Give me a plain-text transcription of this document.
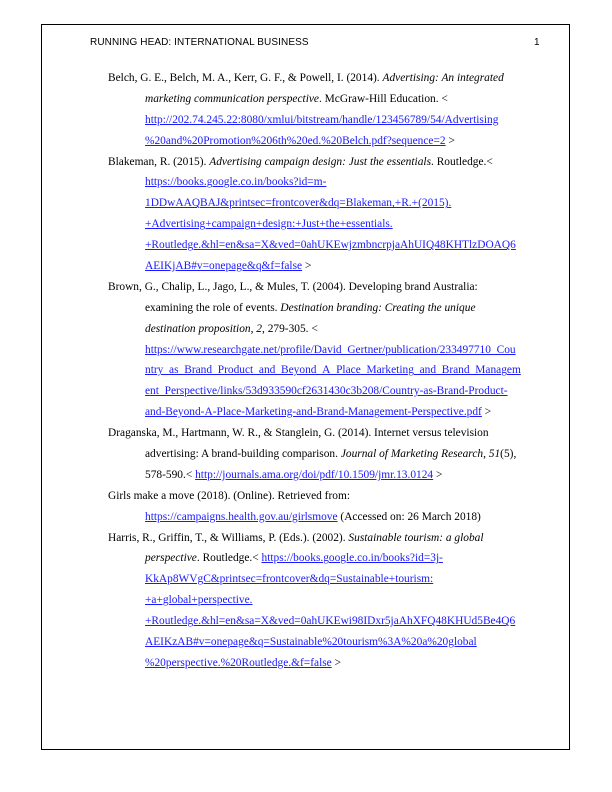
RUNNING HEAD: INTERNATIONAL BUSINESS	1
Belch, G. E., Belch, M. A., Kerr, G. F., & Powell, I. (2014). Advertising: An integrated
marketing communication perspective. McGraw-Hill Education. <
http://202.74.245.22:8080/xmlui/bitstream/handle/123456789/54/Advertising
%20and%20Promotion%206th%20ed.%20Belch.pdf?sequence=2 >
Blakeman, R. (2015). Advertising campaign design: Just the essentials. Routledge.<
https://books.google.co.in/books?id=m-
1DDwAAQBAJ&printsec=frontcover&dq=Blakeman,+R.+(2015).
+Advertising+campaign+design:+Just+the+essentials.
+Routledge.&hl=en&sa=X&ved=0ahUKEwjzmbncrpjaAhUIQ48KHTlzDOAQ6
AEIKjAB#v=onepage&q&f=false >
Brown, G., Chalip, L., Jago, L., & Mules, T. (2004). Developing brand Australia:
examining the role of events. Destination branding: Creating the unique
destination proposition, 2, 279-305. <
https://www.researchgate.net/profile/David_Gertner/publication/233497710_Cou
ntry_as_Brand_Product_and_Beyond_A_Place_Marketing_and_Brand_Managem
ent_Perspective/links/53d933590cf2631430c3b208/Country-as-Brand-Product-
and-Beyond-A-Place-Marketing-and-Brand-Management-Perspective.pdf >
Draganska, M., Hartmann, W. R., & Stanglein, G. (2014). Internet versus television
advertising: A brand-building comparison. Journal of Marketing Research, 51(5),
578-590.< http://journals.ama.org/doi/pdf/10.1509/jmr.13.0124 >
Girls make a move (2018). (Online). Retrieved from:
https://campaigns.health.gov.au/girlsmove (Accessed on: 26 March 2018)
Harris, R., Griffin, T., & Williams, P. (Eds.). (2002). Sustainable tourism: a global
perspective. Routledge.< https://books.google.co.in/books?id=3j-
KkAp8WVgC&printsec=frontcover&dq=Sustainable+tourism:
+a+global+perspective.
+Routledge.&hl=en&sa=X&ved=0ahUKEwi98IDxr5jaAhXFQ48KHUd5Be4Q6
AEIKzAB#v=onepage&q=Sustainable%20tourism%3A%20a%20global
%20perspective.%20Routledge.&f=false >
